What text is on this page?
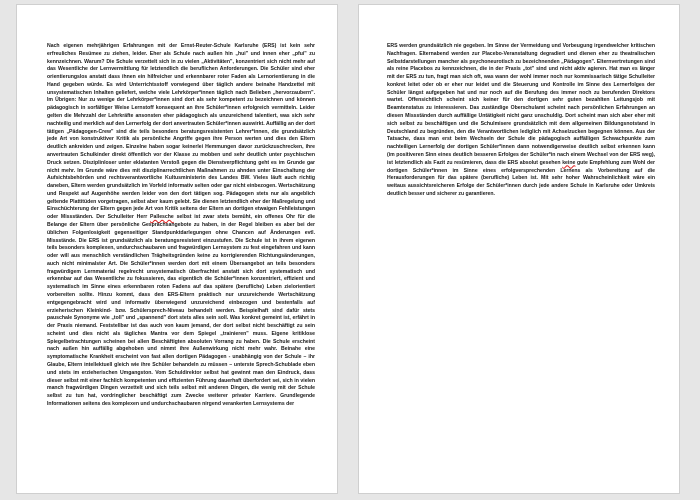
Nach eigenen mehrjährigen Erfahrungen mit der Ernst-Reuter-Schule Karlsruhe (ERS) ist kein sehr erfreuliches Resümee zu ziehen, leider. Eher als Schule nach außen hin „hui" und innen eher „pfui" zu kennzeichnen. Warum? Die Schule verzettelt sich in zu vielen „Aktivitäten", konzentriert sich nicht mehr auf das Wesentliche der Lernvermittlung für letztendlich die beruflichen Anforderungen. Die Schüler sind eher orientierungslos anstatt dass ihnen ein hilfreicher und erkennbarer roter Faden als Lernorientierung in die Hand gegeben würde. Es wird Unterrichtsstoff vorwiegend über täglich andere beinahe Handzettel mit unsystematischen Inhalten geliefert, welche viele Lehrkörper*innen täglich nach Belieben „hervorzaubern". Im Übrigen: Nur zu wenige der Lehrkörper*innen sind dort als sehr kompetent zu bezeichnen und können pädagogisch in sorfältiger Weise Lernstoff konsequent an ihre Schüler*innen erfolgreich vermitteln. Leider gelten die Mehrzahl der Lehrkräfte ansonsten eher pädagogisch als unzureichend talentiert, was sich sehr nachteilig und merklich auf den Lernerfolg der dort anvertrauten Schüler*innen auswirkt. Auffällig an der dort tätigen „Pädagogen-Crew" sind die teils besonders beratungsresistenten Lehrer*innen, die grundsätzlich jede Art von konstruktiver Kritik als persönliche Angriffe gegen ihre Person werten und dies den Eltern deutlich ankreiden und zeigen. Einzelne haben sogar keinerlei Hemmungen davor zurückzuschrecken, ihre anvertrauten Schulkinder direkt öffentlich vor der Klasse zu mobben und sehr deutlich unter psychischen Druck setzen. Disziplinloser unter eklatanten Verstoß gegen die Dienstverpflichtung geht es im Grunde gar nicht mehr. Im Grunde wäre dies mit disziplinarrechtlichen Maßnahmen zu ahnden unter Einschaltung der Aufsichtsbehörden und rechtsverantwortliche Kultusministerin des Landes BW. Vieles läuft auch richtig daneben, Eltern werden grundsätzlich im Vorfeld informativ selten oder gar nicht einbezogen. Wertschätzung und Respekt auf Augenhöhe werden leider von den dort tätigen sog. Pädagogen stets nur als angeblich geltende Plattitüden vorgetragen, selbst aber kaum gelebt. Sie dienen letztendlich eher der Maßregelung und Einschüchterung der Eltern gegen jede Art von Kritik seitens der Eltern an dortigen etwaigen Fehlleistungen oder Missständen. Der Schulleiter Herr Pallesche selbst ist zwar stets bemüht, ein offenes Ohr für die Belange der Eltern über persönliche Gesprächsangebote zu haben, in der Regel bleiben es aber bei der üblichen Folgenlosigkeit gegenseitiger Standpunktdarlegungen ohne Chancen auf Änderungen evtl. Missstände. Die ERS ist grundsätzlich als beratungsresistent einzustufen. Die Schule ist in ihrem eigenen teils besonders komplexen, undurchschaubaren und fragwürdigen Lernsystem zu fest eingefahren und kann oder will aus menschlich verständlichen Trägheitsgründen keine zu korrigierenden Richtungsänderungen, auch nicht minimalster Art. Die Schüler*innen werden dort mit einem Übersangebot an teils besonders fragwürdigem Lernmaterial regelrecht unsystematisch überfrachtet anstatt sich dort systematisch und erkennbar auf das Wesentliche zu fokussieren, das eigentlich die Schüler*innen konzentriert, effizient und systematisch im Sinne eines erkennbaren roten Fadens auf das spätere (berufliche) Leben zielorientiert vorbereiten sollte. Hinzu kommt, dass den ERS-Eltern praktisch nur unzureichende Wertschätzung entgegengebracht wird und informativ überwiegend unzureichend einbezogen und bestenfalls auf erzieherischen Kleinkind- bzw. Schülersprech-Niveau behandelt werden. Beispielhaft sind dafür stets pauschale Synonyme wie „toll" und „spannend" dort stets alles sein soll. Was konkret gemeint ist, erfährt in der Praxis niemand. Feststellbar ist das auch von kaum jemand, der dort selbst nicht beschäftigt zu sein scheint und dies nicht als tägliches Mantra vor dem Spiegel „trainieren" muss. Eigene kritiklose Spiegelbetrachtungen scheinen bei allen Beschäftigten absoluten Vorrang zu haben. Die Schule erscheint nach außen hin auffällig abgehoben und nimmt ihre Außenwirkung nicht mehr wahr. Beinahe eine symptomatische Krankheit erscheint von fast allen dortigen Pädagogen - unabhängig von der Schule – ihr Glaube, Eltern intellektuell gleich wie ihre Schüler behandeln zu müssen – unterste Sprech-Schublade eben und stets im erzieherischen Umgangston. Vom Schuldirektor selbst hat gewinnt man den Eindruck, dass dieser selbst mit einer fachlich kompetenten und effizienten Führung dauerhaft überfordert sei, sich in vielen manch fragwürdigen Dingen verzettelt und sich teils selbst mit anderen Dingen, die wenig mit der Schule selbst zu tun hat, vordringlicher beschäftigt zum Zwecke weiterer privater Karriere. Grundlegende Informationen seitens des komplexen und undurchschaubaren nirgend verankerten Lernsystems der

ERS werden grundsätzlich nie gegeben. Im Sinne der Vermeidung und Vorbeugung irgendwelcher kritischen Nachfragen. Elternabend werden zur Placebo-Veranstaltung degradiert und dienen eher zu theatralischen Selbstdarstellungen mancher als psychoneurotisch zu bezeichnenden „Pädagogen". Elternvertretungen sind als reine Placebos zu kennzeichnen, die in der Praxis „tot" sind und nicht aktiv agieren. Hat man es länger mit der ERS zu tun, fragt man sich oft, was wann der wohl immer noch nur kommissarisch tätige Schulleiter konkret leitet oder ob er eher nur leidet und die Steuerung und Kontrolle im Sinne des Lernerfolges der Schüler längst aufgegeben hat und nur noch auf die Berufung des immer noch zu berufenden Direktors wartet. Offensichtlich scheint sich keiner für den dortigen sehr guten bezahlten Leitungsjob mit Beamtenstatus zu interessieren. Das zuständige Oberschulamt scheint nach persönlichen Erfahrungen an diesen Missständen durch auffällige Untätigkeit nicht ganz unschuldig. Dort scheint man sich aber eher mit sich selbst zu beschäftigen und die Schulmisere grundsätzlich mit dem allgemeinen Bildungsnotstand in Deutschland zu begründen, den die Verantwortlichen lediglich mit Achselzucken begegnen können. Aus der Tatsache, dass man erst beim Wechseln der Schule die pädagogisch auffälligen Schwachpunkte zum nachteiligen Lernerfolg der dortigen Schüler*innen dann notwendigerweise deutlich selbst erkennen kann (im positiveren Sinn eines deutlich besseren Erfolges der Schüler*in nach einem Wechsel von der ERS weg), ist letztendlich als Fazit zu resümieren, dass die ERS absolut gesehen keine gute Empfehlung zum Wohl der dortigen Schüler*innen im Sinne eines erfolgversprechenden Lernens als Vorbereitung auf die Herausforderungen für das spätere (berufliche) Leben ist. Mit sehr hoher Wahrscheinlichkeit wäre ein weitaus aussichtsreicheren Erfolge der Schüler*innen durch jede andere Schule in Karlsruhe oder Umkreis deutlich besser und sicherer zu garantieren.
